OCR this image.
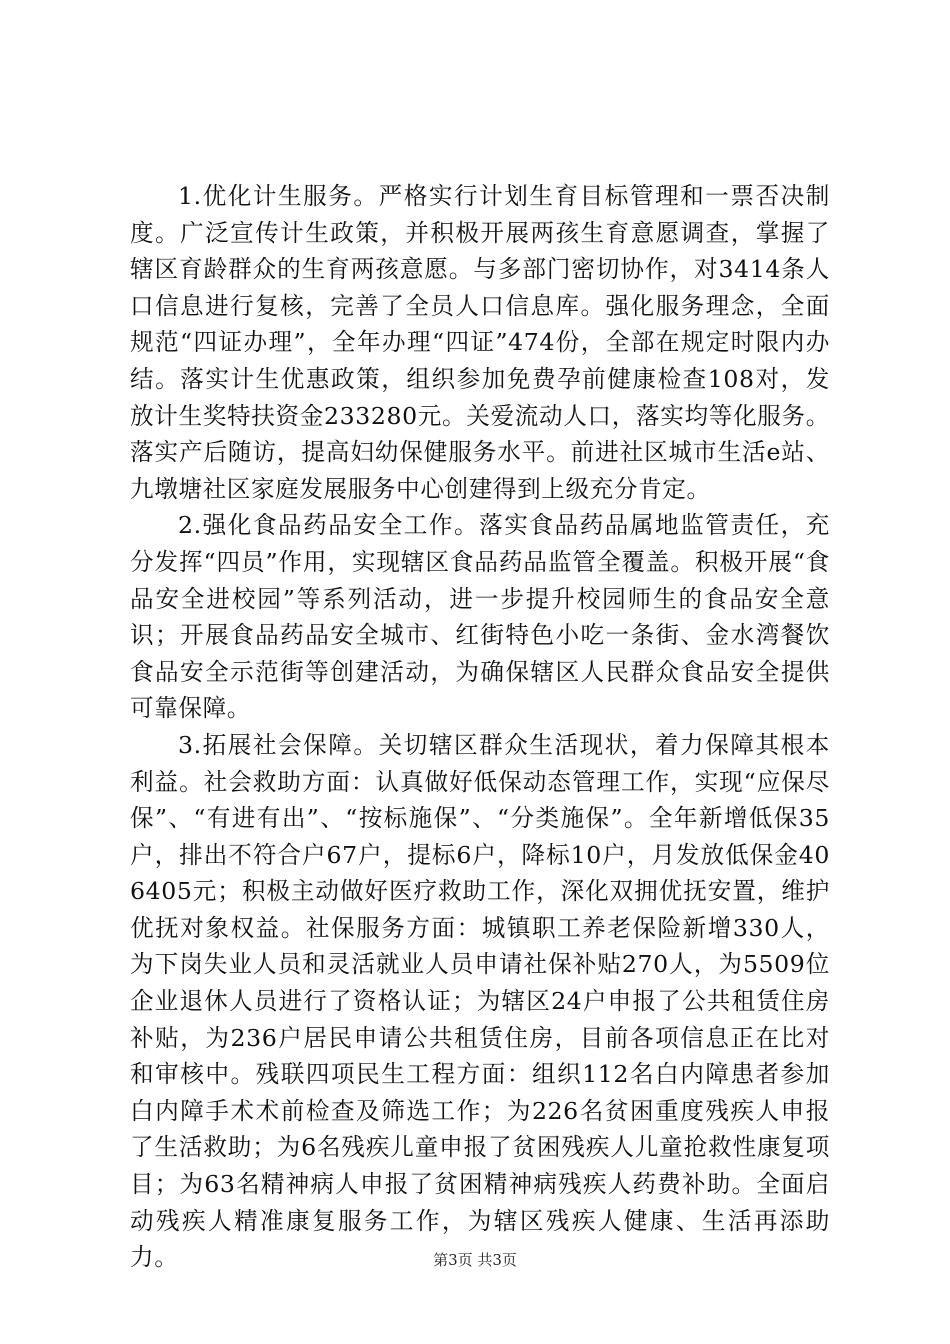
1.优化计生服务。严格实行计划生育目标管理和一票否决制度。广泛宣传计生政策，并积极开展两孩生育意愿调查，掌握了辖区育龄群众的生育两孩意愿。与多部门密切协作，对3414条人口信息进行复核，完善了全员人口信息库。强化服务理念，全面规范“四证办理”，全年办理“四证”474份，全部在规定时限内办结。落实计生优惠政策，组织参加免费孕前健康检查108对，发放计生奖特扶资金233280元。关爱流动人口，落实均等化服务。落实产后随访，提高妇幼保健服务水平。前进社区城市生活e站、九墩塘社区家庭发展服务中心创建得到上级充分肯定。

2.强化食品药品安全工作。落实食品药品属地监管责任，充分发挥“四员”作用，实现辖区食品药品监管全覆盖。积极开展“食品安全进校园”等系列活动，进一步提升校园师生的食品安全意识；开展食品药品安全城市、红街特色小吃一条街、金水湾餐饮食品安全示范街等创建活动，为确保辖区人民群众食品安全提供可靠保障。

3.拓展社会保障。关切辖区群众生活现状，着力保障其根本利益。社会救助方面：认真做好低保动态管理工作，实现“应保尽保”、“有进有出”、“按标施保”、“分类施保”。全年新增低保35户，排出不符合户67户，提标6户，降标10户，月发放低保金406405元；积极主动做好医疗救助工作，深化双拥优抚安置，维护优抚对象权益。社保服务方面：城镇职工养老保险新增330人，为下岗失业人员和灵活就业人员申请社保补贴270人，为5509位企业退休人员进行了资格认证；为辖区24户申报了公共租赁住房补贴，为236户居民申请公共租赁住房，目前各项信息正在比对和审核中。残联四项民生工程方面：组织112名白内障患者参加白内障手术术前检查及筛选工作；为226名贫困重度残疾人申报了生活救助；为6名残疾儿童申报了贫困残疾人儿童抢救性康复项目；为63名精神病人申报了贫困精神病残疾人药费补助。全面启动残疾人精准康复服务工作，为辖区残疾人健康、生活再添助力。	第3页 共3页
